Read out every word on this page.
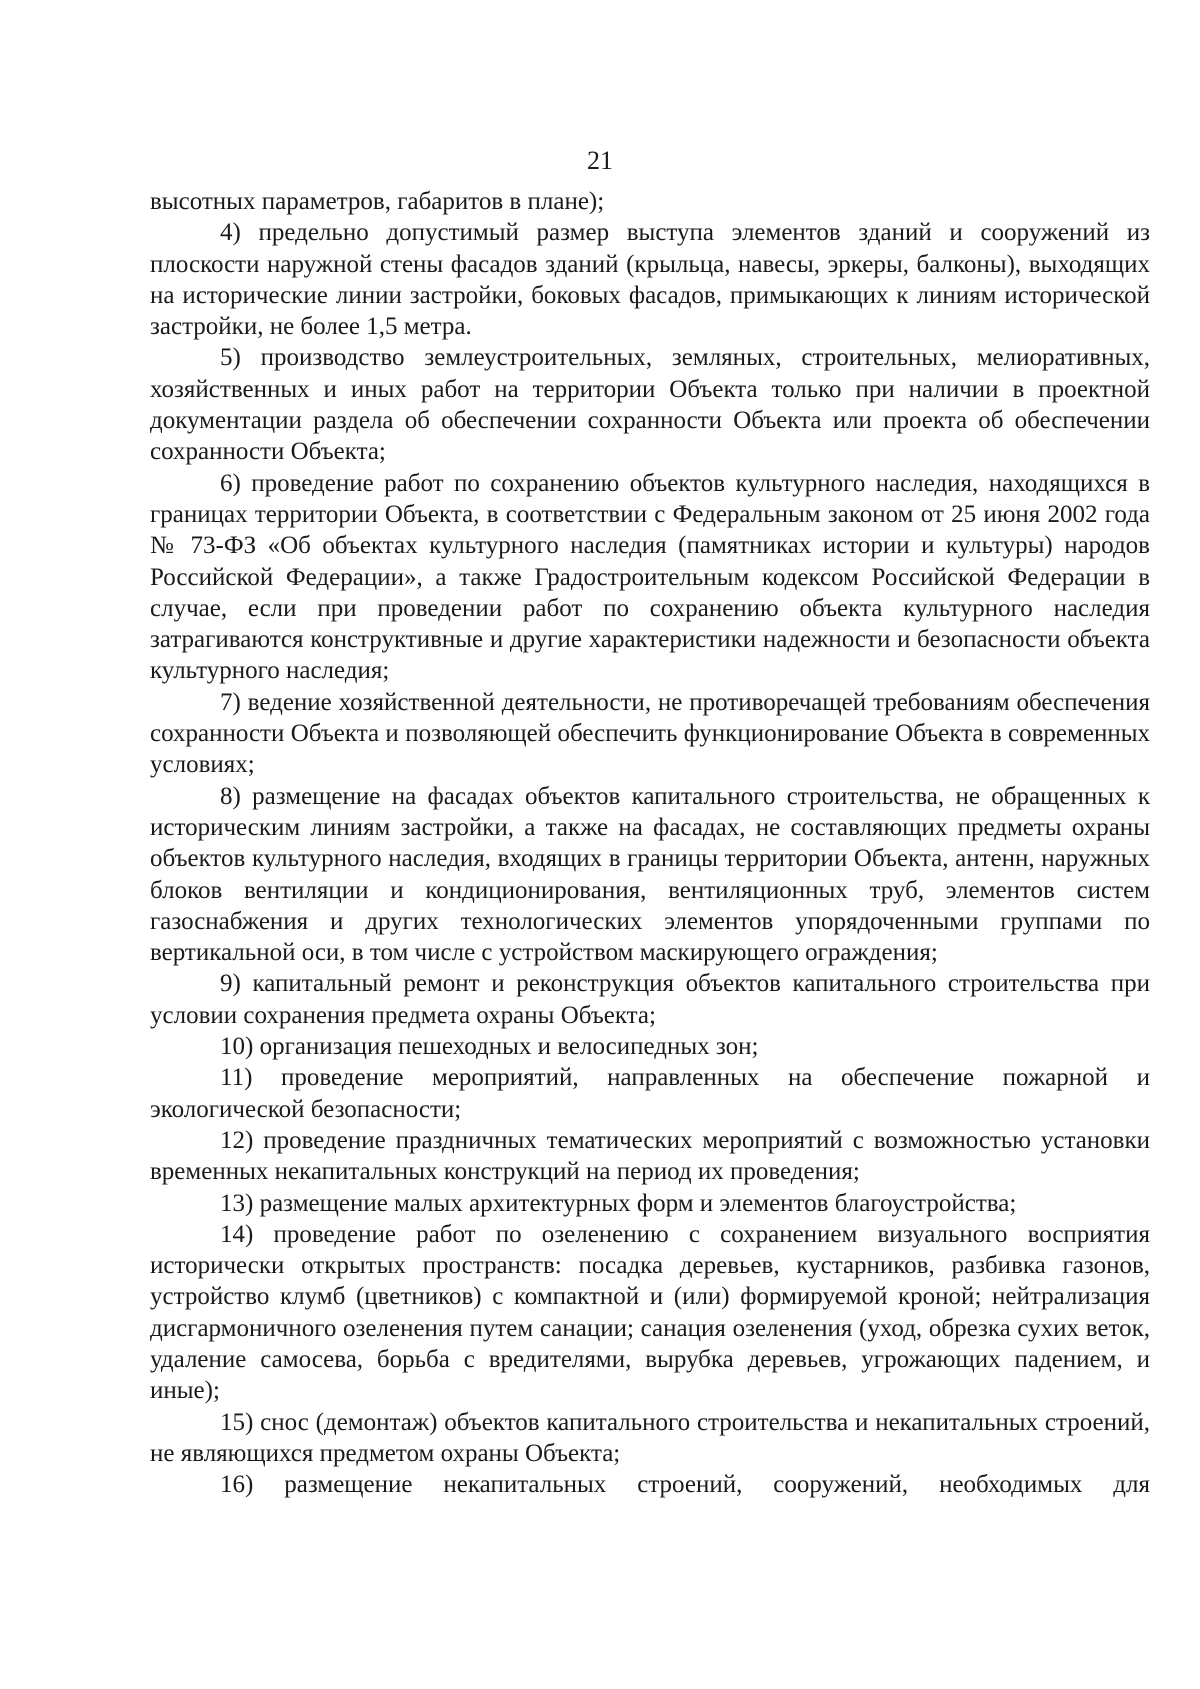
21

высотных параметров, габаритов в плане);

4) предельно допустимый размер выступа элементов зданий и сооружений из плоскости наружной стены фасадов зданий (крыльца, навесы, эркеры, балконы), выходящих на исторические линии застройки, боковых фасадов, примыкающих к линиям исторической застройки, не более 1,5 метра.

5) производство землеустроительных, земляных, строительных, мелиоративных, хозяйственных и иных работ на территории Объекта только при наличии в проектной документации раздела об обеспечении сохранности Объекта или проекта об обеспечении сохранности Объекта;

6) проведение работ по сохранению объектов культурного наследия, находящихся в границах территории Объекта, в соответствии с Федеральным законом от 25 июня 2002 года № 73-ФЗ «Об объектах культурного наследия (памятниках истории и культуры) народов Российской Федерации», а также Градостроительным кодексом Российской Федерации в случае, если при проведении работ по сохранению объекта культурного наследия затрагиваются конструктивные и другие характеристики надежности и безопасности объекта культурного наследия;

7) ведение хозяйственной деятельности, не противоречащей требованиям обеспечения сохранности Объекта и позволяющей обеспечить функционирование Объекта в современных условиях;

8) размещение на фасадах объектов капитального строительства, не обращенных к историческим линиям застройки, а также на фасадах, не составляющих предметы охраны объектов культурного наследия, входящих в границы территории Объекта, антенн, наружных блоков вентиляции и кондиционирования, вентиляционных труб, элементов систем газоснабжения и других технологических элементов упорядоченными группами по вертикальной оси, в том числе с устройством маскирующего ограждения;

9) капитальный ремонт и реконструкция объектов капитального строительства при условии сохранения предмета охраны Объекта;

10) организация пешеходных и велосипедных зон;

11) проведение мероприятий, направленных на обеспечение пожарной и экологической безопасности;

12) проведение праздничных тематических мероприятий с возможностью установки временных некапитальных конструкций на период их проведения;

13) размещение малых архитектурных форм и элементов благоустройства;

14) проведение работ по озеленению с сохранением визуального восприятия исторически открытых пространств: посадка деревьев, кустарников, разбивка газонов, устройство клумб (цветников) с компактной и (или) формируемой кроной; нейтрализация дисгармоничного озеленения путем санации; санация озеленения (уход, обрезка сухих веток, удаление самосева, борьба с вредителями, вырубка деревьев, угрожающих падением, и иные);

15) снос (демонтаж) объектов капитального строительства и некапитальных строений, не являющихся предметом охраны Объекта;

16) размещение некапитальных строений, сооружений, необходимых для
